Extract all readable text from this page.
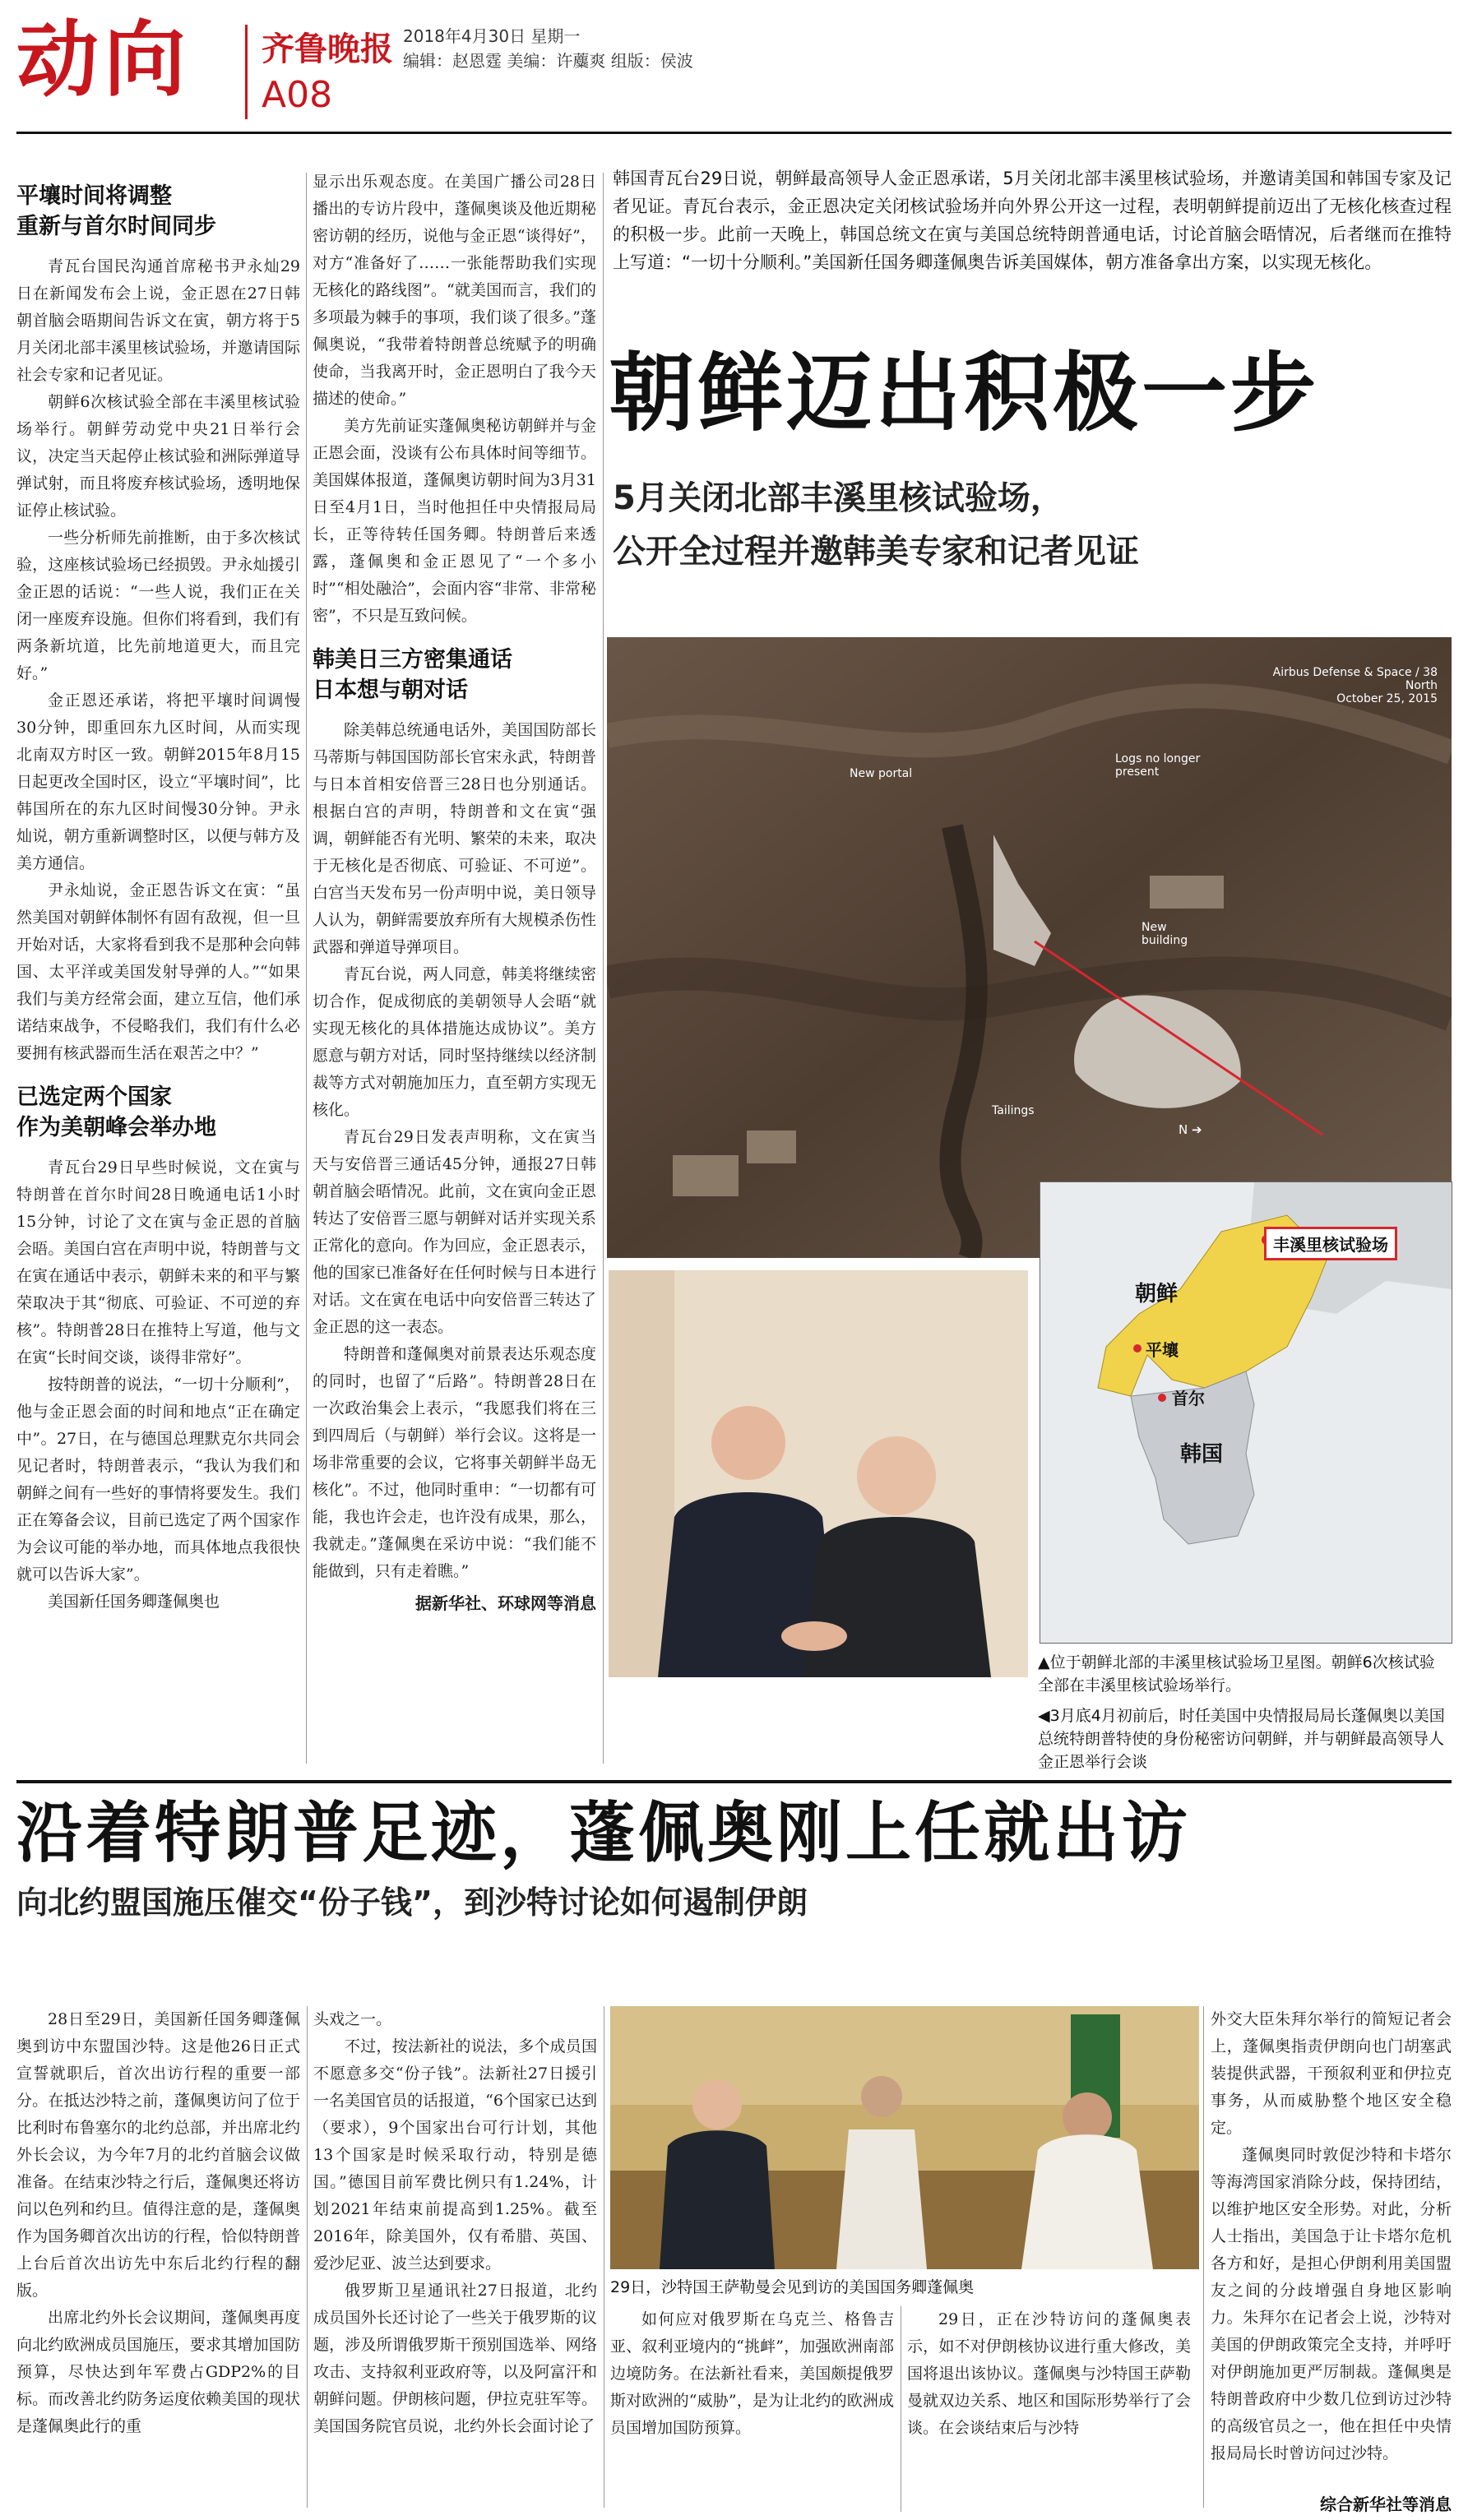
动向 齐鲁晚报
A08
2018年4月30日 星期一
编辑：赵恩霆 美编：许蘪爽 组版：侯波
平壤时间将调整
重新与首尔时间同步

青瓦台国民沟通首席秘书尹永灿29日在新闻发布会上说，金正恩在27日韩朝首脑会晤期间告诉文在寅，朝方将于5月关闭北部丰溪里核试验场，并邀请国际社会专家和记者见证。

朝鲜6次核试验全部在丰溪里核试验场举行。朝鲜劳动党中央21日举行会议，决定当天起停止核试验和洲际弹道导弹试射，而且将废弃核试验场，透明地保证停止核试验。

一些分析师先前推断，由于多次核试验，这座核试验场已经损毁。尹永灿援引金正恩的话说：“一些人说，我们正在关闭一座废弃设施。但你们将看到，我们有两条新坑道，比先前地道更大，而且完好。”

金正恩还承诺，将把平壤时间调慢30分钟，即重回东九区时间，从而实现北南双方时区一致。朝鲜2015年8月15日起更改全国时区，设立“平壤时间”，比韩国所在的东九区时间慢30分钟。尹永灿说，朝方重新调整时区，以便与韩方及美方通信。

尹永灿说，金正恩告诉文在寅：“虽然美国对朝鲜体制怀有固有敌视，但一旦开始对话，大家将看到我不是那种会向韩国、太平洋或美国发射导弹的人。”“如果我们与美方经常会面，建立互信，他们承诺结束战争，不侵略我们，我们有什么必要拥有核武器而生活在艰苦之中？”

已选定两个国家
作为美朝峰会举办地

青瓦台29日早些时候说，文在寅与特朗普在首尔时间28日晚通电话1小时15分钟，讨论了文在寅与金正恩的首脑会晤。美国白宫在声明中说，特朗普与文在寅在通话中表示，朝鲜未来的和平与繁荣取决于其“彻底、可验证、不可逆的弃核”。特朗普28日在推特上写道，他与文在寅“长时间交谈，谈得非常好”。

按特朗普的说法，“一切十分顺利”，他与金正恩会面的时间和地点“正在确定中”。27日，在与德国总理默克尔共同会见记者时，特朗普表示，“我认为我们和朝鲜之间有一些好的事情将要发生。我们正在筹备会议，目前已选定了两个国家作为会议可能的举办地，而具体地点我很快就可以告诉大家”。

美国新任国务卿蓬佩奥也

显示出乐观态度。在美国广播公司28日播出的专访片段中，蓬佩奥谈及他近期秘密访朝的经历，说他与金正恩“谈得好”，对方“准备好了……一张能帮助我们实现无核化的路线图”。“就美国而言，我们的多项最为棘手的事项，我们谈了很多。”蓬佩奥说，“我带着特朗普总统赋予的明确使命，当我离开时，金正恩明白了我今天描述的使命。”

美方先前证实蓬佩奥秘访朝鲜并与金正恩会面，没谈有公布具体时间等细节。美国媒体报道，蓬佩奥访朝时间为3月31日至4月1日，当时他担任中央情报局局长，正等待转任国务卿。特朗普后来透露，蓬佩奥和金正恩见了“一个多小时”“相处融洽”，会面内容“非常、非常秘密”，不只是互致问候。

韩美日三方密集通话
日本想与朝对话

除美韩总统通电话外，美国国防部长马蒂斯与韩国国防部长官宋永武，特朗普与日本首相安倍晋三28日也分别通话。根据白宫的声明，特朗普和文在寅“强调，朝鲜能否有光明、繁荣的未来，取决于无核化是否彻底、可验证、不可逆”。白宫当天发布另一份声明中说，美日领导人认为，朝鲜需要放弃所有大规模杀伤性武器和弹道导弹项目。

青瓦台说，两人同意，韩美将继续密切合作，促成彻底的美朝领导人会晤“就实现无核化的具体措施达成协议”。美方愿意与朝方对话，同时坚持继续以经济制裁等方式对朝施加压力，直至朝方实现无核化。

青瓦台29日发表声明称，文在寅当天与安倍晋三通话45分钟，通报27日韩朝首脑会晤情况。此前，文在寅向金正恩转达了安倍晋三愿与朝鲜对话并实现关系正常化的意向。作为回应，金正恩表示，他的国家已准备好在任何时候与日本进行对话。文在寅在电话中向安倍晋三转达了金正恩的这一表态。

特朗普和蓬佩奥对前景表达乐观态度的同时，也留了“后路”。特朗普28日在一次政治集会上表示，“我愿我们将在三到四周后（与朝鲜）举行会议。这将是一场非常重要的会议，它将事关朝鲜半岛无核化”。不过，他同时重申：“一切都有可能，我也许会走，也许没有成果，那么，我就走。”蓬佩奥在采访中说：“我们能不能做到，只有走着瞧。”

据新华社、环球网等消息
韩国青瓦台29日说，朝鲜最高领导人金正恩承诺，5月关闭北部丰溪里核试验场，并邀请美国和韩国专家及记者见证。青瓦台表示，金正恩决定关闭核试验场并向外界公开这一过程，表明朝鲜提前迈出了无核化核查过程的积极一步。此前一天晚上，韩国总统文在寅与美国总统特朗普通电话，讨论首脑会晤情况，后者继而在推特上写道：“一切十分顺利。”美国新任国务卿蓬佩奥告诉美国媒体，朝方准备拿出方案，以实现无核化。
朝鲜迈出积极一步
5月关闭北部丰溪里核试验场，
公开全过程并邀韩美专家和记者见证
Airbus Defense & Space / 38 North
October 25, 2015
New portal
Logs no longer
present
New
building
Tailings
N ➔
丰溪里核试验场
朝鲜
平壤
首尔
韩国
▲位于朝鲜北部的丰溪里核试验场卫星图。朝鲜6次核试验全部在丰溪里核试验场举行。
◀3月底4月初前后，时任美国中央情报局局长蓬佩奥以美国总统特朗普特使的身份秘密访问朝鲜，并与朝鲜最高领导人金正恩举行会谈
沿着特朗普足迹，蓬佩奥刚上任就出访
向北约盟国施压催交“份子钱”，到沙特讨论如何遏制伊朗

28日至29日，美国新任国务卿蓬佩奥到访中东盟国沙特。这是他26日正式宣誓就职后，首次出访行程的重要一部分。在抵达沙特之前，蓬佩奥访问了位于比利时布鲁塞尔的北约总部，并出席北约外长会议，为今年7月的北约首脑会议做准备。在结束沙特之行后，蓬佩奥还将访问以色列和约旦。值得注意的是，蓬佩奥作为国务卿首次出访的行程，恰似特朗普上台后首次出访先中东后北约行程的翻版。

出席北约外长会议期间，蓬佩奥再度向北约欧洲成员国施压，要求其增加国防预算，尽快达到年军费占GDP2%的目标。而改善北约防务运度依赖美国的现状是蓬佩奥此行的重

头戏之一。

不过，按法新社的说法，多个成员国不愿意多交“份子钱”。法新社27日援引一名美国官员的话报道，“6个国家已达到（要求），9个国家出台可行计划，其他13个国家是时候采取行动，特别是德国。”德国目前军费比例只有1.24%，计划2021年结束前提高到1.25%。截至2016年，除美国外，仅有希腊、英国、爱沙尼亚、波兰达到要求。

俄罗斯卫星通讯社27日报道，北约成员国外长还讨论了一些关于俄罗斯的议题，涉及所谓俄罗斯干预别国选举、网络攻击、支持叙利亚政府等，以及阿富汗和朝鲜问题。伊朗核问题，伊拉克驻军等。美国国务院官员说，北约外长会面讨论了

29日，沙特国王萨勒曼会见到访的美国国务卿蓬佩奥

如何应对俄罗斯在乌克兰、格鲁吉亚、叙利亚境内的“挑衅”，加强欧洲南部边境防务。在法新社看来，美国颇提俄罗斯对欧洲的“威胁”，是为让北约的欧洲成员国增加国防预算。

29日，正在沙特访问的蓬佩奥表示，如不对伊朗核协议进行重大修改，美国将退出该协议。蓬佩奥与沙特国王萨勒曼就双边关系、地区和国际形势举行了会谈。在会谈结束后与沙特

外交大臣朱拜尔举行的简短记者会上，蓬佩奥指责伊朗向也门胡塞武装提供武器，干预叙利亚和伊拉克事务，从而威胁整个地区安全稳定。

蓬佩奥同时敦促沙特和卡塔尔等海湾国家消除分歧，保持团结，以维护地区安全形势。对此，分析人士指出，美国急于让卡塔尔危机各方和好，是担心伊朗利用美国盟友之间的分歧增强自身地区影响力。朱拜尔在记者会上说，沙特对美国的伊朗政策完全支持，并呼吁对伊朗施加更严厉制裁。蓬佩奥是特朗普政府中少数几位到访过沙特的高级官员之一，他在担任中央情报局局长时曾访问过沙特。

综合新华社等消息
